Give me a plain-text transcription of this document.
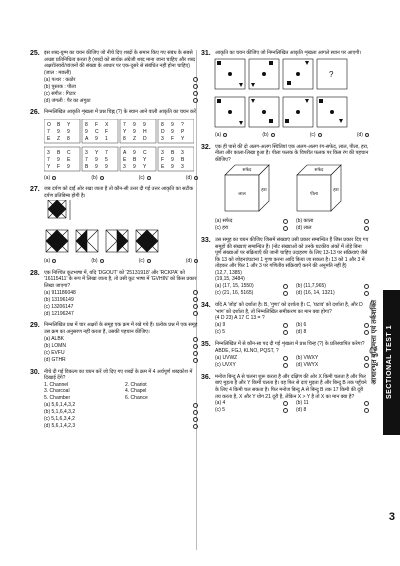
25. इस शब्द-युग्म का चयन कीजिए जो नीचे दिए शब्दों के समान किए गए संबंध के सबसे अच्छा प्रतिनिधित्व करता है (शब्दों को सार्थक अंग्रेजी शब्द माना जाना चाहिए और शब्द अक्षरों/स्वरों/व्यंजनों की संख्या के आधार पर एक-दूसरे से संबंधित नहीं होना चाहिए)
(जाल : मछली)
(a) पत्थर : कठोर
(b) पुस्तक : पीला
(c) संगीत : गिटार
(d) जंगली : पैर का अंगुठा
26. निम्नलिखित आकृति शृंखला में प्रश्न चिह्न (?) के स्थान आने वाली आकृति का चयन करें
O B Y
7 9 9
E Z 8
8 F X
9 C F
A 9 1
7 9 9
Y 9 H
8 Z D
8 9 ?
D 9 P
3 F Y
3 B C	3 Y 7	A 9 C	3 B 3
7 9 E	7 9 5	E B Y	F 9 B
Y F 9	B 9 9	3 9 Y	E 9 3
(a)	(b)	(c)	(d)
27. जब दर्पण को दाईं ओर रखा जाता है तो कौन-सी उत्तर दी गई उत्तर आकृति का सटीक दर्पण प्रतिबिम्ब होगी है।
(a)	(b)	(c)	(d)
28. एक निश्चित कूटभाषा में, यदि 'DGOUT' को '25131918' और 'RCKPA' को '16115411' के रूप में लिखा जाता है, तो उसी कूट भाषा में 'GVHIN' को किस प्रकार लिखा जाएगा?
(a) 911186048
(b) 13196149
(c) 13206147
(d) 12196247
29. निम्नलिखित प्रश्न में चार अक्षरों के समूह एक क्रम में रखे गये हैं। प्रत्येक प्रश्न में एक समूह उस क्रम का अनुसरण नहीं करता है, उसकी पहचान कीजिए।
(a) ALBK
(b) LOMN
(c) EVFU
(d) GTHR
30. नीचे दी गई विकल्प का चयन करें जो दिए गए शब्दों के क्रम में 4 अर्थपूर्ण शब्दकोश में दिखाई देंगे?
1. Channel	2. Chariot
3. Charcoal	4. Chapel
5. Chamber	6. Chance
(a) 5,6,1,4,3,2
(b) 5,1,6,4,3,2
(c) 5,1,6,3,4,2
(d) 5,6,1,4,2,3
31. आकृति का चयन कीजिए जो निम्नलिखित आकृति शृंखला आगले स्थान पर आएगी।
?
(a)	(b)	(c)	(d)
32. एक ही पासे की दो अलग-अलग स्थितियां एक अलग-अलग रंग-सफेद, लाल, पीला, हरा, नीला और काला-लिखा हुआ है। पीला फलक के विपरीत फलक पर किस रंग की पहचान कीजिए?
सफेद
लाल
हरा
सफेद
पीला
हरा
(a) सफेद	(b) काला
(c) हरा	(d) लाल
33. उस समूह का चयन कीजिए जिसमें संख्याएं उसी प्रकार सम्बन्धित हैं जिस प्रकार दिए गए समूहों की संख्याएं सम्बन्धित हैं। (नोट संख्याओं को उनके घटकीय अंकों में तोड़े बिना पूर्ण संख्याओं पर संक्रियाएँ की जानी चाहिए उदाहरण के लिए 13-13 पर संक्रियाएं जैसे कि 13 को जोड़ना/घटाना 1 गुणा करना आदि किया जा सकता है। 13 को 1 और 3 में तोड़कर और फिर 1 और 3 पर गणितीय संक्रियाएँ करने की अनुमति नहीं है)
(12,7, 1385)
(19,15, 3484)
(a) (17, 15, 1550)	(b) (11,7,965)
(c) (21, 16, 5165)	(d) (16, 14, 1321)
34. यदि A 'जोड़' को दर्शाता है। B, 'गुणा' को दर्शाता है। C, 'घटाव' को दर्शाता है, और D 'भाग' को दर्शाता है, तो निम्नलिखित समीकरण का मान क्या होगा?
(4 D 23) A 17 C 13 = ?
(a) 9	(b) 6
(c) 5	(d) 8
35. निम्नलिखित में से कौन-सा पद दी गई शृंखला में प्रश्न चिन्ह (?) के प्रतिस्थापित करेगा?
ABDE, FGJ, KLNO, PQST, ?
(a) UVWZ	(b) VWXY
(c) UVXY	(d) VWYX
36. मनोज बिन्दु A से चलना शुरू करता है और दक्षिण की ओर X किमी चलता है और फिर बाएं मुड़ता है और Y किमी चलता है। वह फिर से दाएं मुड़ता है और बिन्दु B तक पहुँचने के लिए 4 किमी चल सकता है। फिर मनोज बिन्दु A से बिन्दु B तक 17 किमी की दूरी तय करता है, X और Y योग 21 दूरी है, लेकिन X > Y है तो X का मान क्या है?
(a) 4	(b) 11
(c) 5	(d) 8
आधारभूत बुद्धिमत्ता एवं तर्कशक्ति SECTIONAL TEST 1
3
